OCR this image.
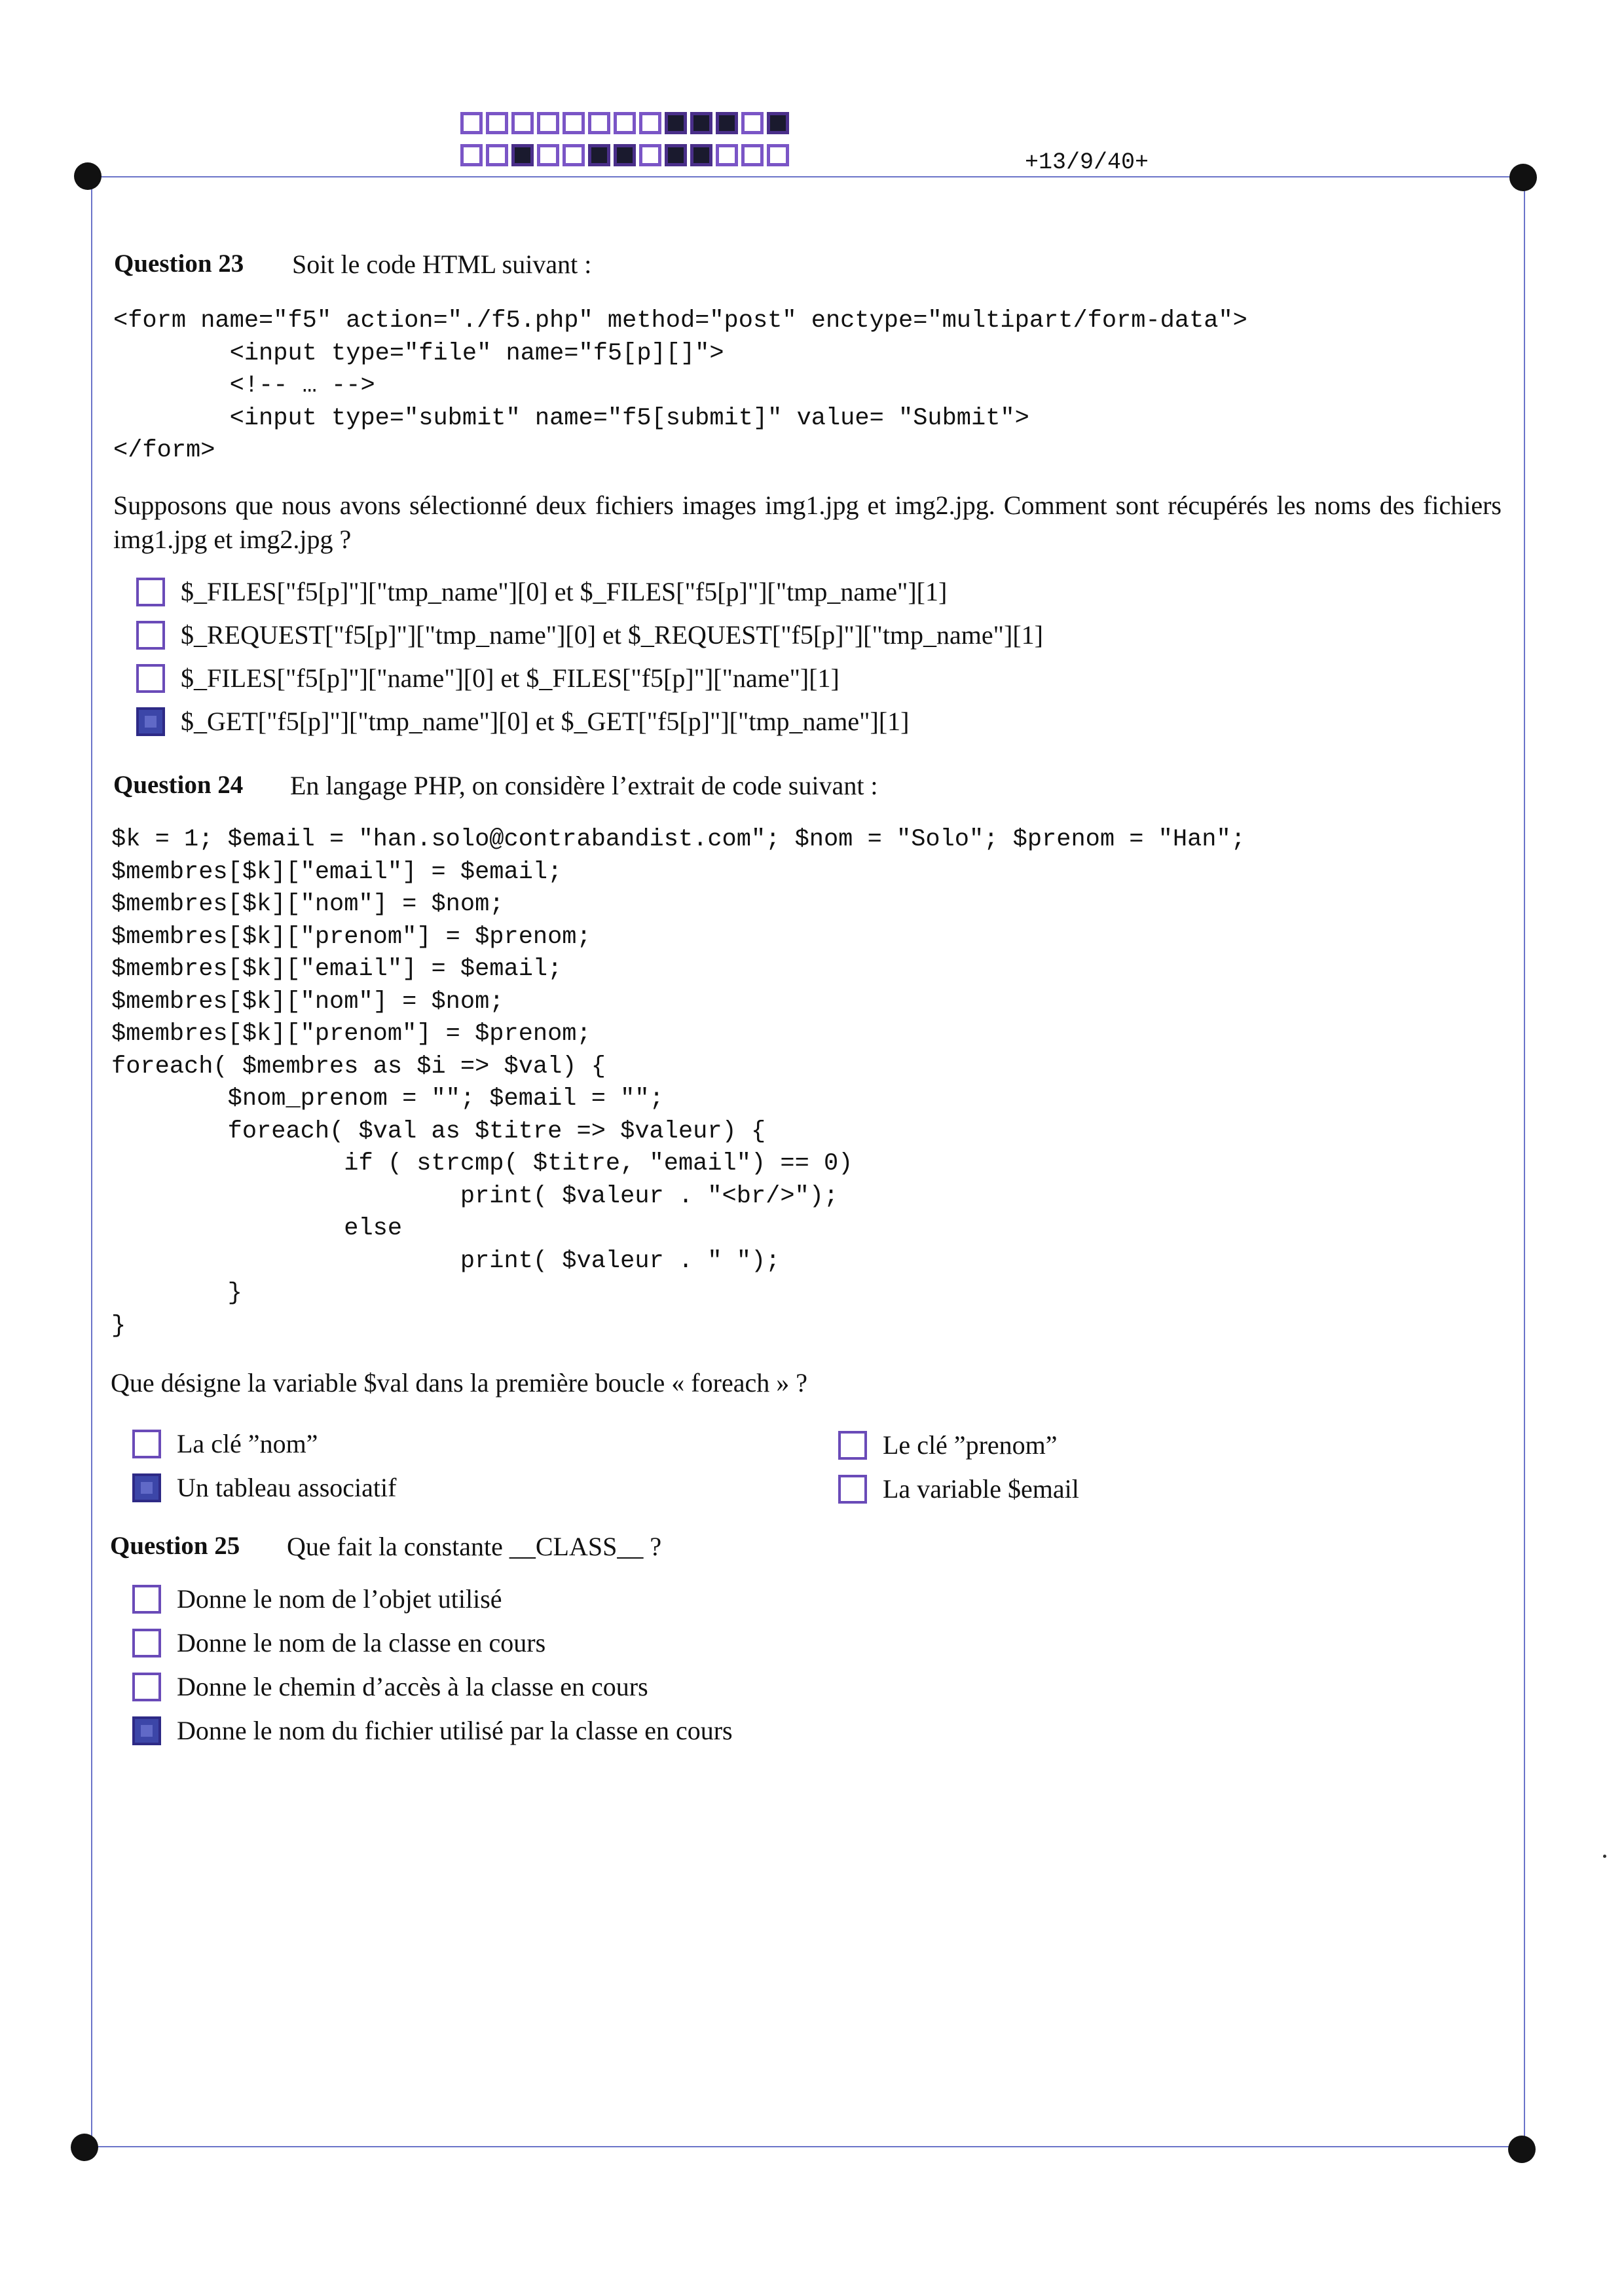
+13/9/40+
Question 23 Soit le code HTML suivant :
<form name="f5" action="./f5.php" method="post" enctype="multipart/form-data">
<input type="file" name="f5[p][]">
<!-- … -->
<input type="submit" name="f5[submit]" value= "Submit">
</form>
Supposons que nous avons sélectionné deux fichiers images img1.jpg et img2.jpg. Comment sont récupérés les noms des fichiers img1.jpg et img2.jpg ?
$_FILES["f5[p]"]["tmp_name"][0] et $_FILES["f5[p]"]["tmp_name"][1]
$_REQUEST["f5[p]"]["tmp_name"][0] et $_REQUEST["f5[p]"]["tmp_name"][1]
$_FILES["f5[p]"]["name"][0] et $_FILES["f5[p]"]["name"][1]
$_GET["f5[p]"]["tmp_name"][0] et $_GET["f5[p]"]["tmp_name"][1]
Question 24 En langage PHP, on considère l’extrait de code suivant :
$k = 1; $email = "han.solo@contrabandist.com"; $nom = "Solo"; $prenom = "Han";
$membres[$k]["email"] = $email;
$membres[$k]["nom"] = $nom;
$membres[$k]["prenom"] = $prenom;
$membres[$k]["email"] = $email;
$membres[$k]["nom"] = $nom;
$membres[$k]["prenom"] = $prenom;
foreach( $membres as $i => $val) {
$nom_prenom = ""; $email = "";
foreach( $val as $titre => $valeur) {
if ( strcmp( $titre, "email") == 0)
print( $valeur . "<br/>");
else
print( $valeur . " ");
}
}
Que désigne la variable $val dans la première boucle « foreach » ?
La clé ”nom”
Un tableau associatif
Le clé ”prenom”
La variable $email
Question 25 Que fait la constante __CLASS__ ?
Donne le nom de l’objet utilisé
Donne le nom de la classe en cours
Donne le chemin d’accès à la classe en cours
Donne le nom du fichier utilisé par la classe en cours
